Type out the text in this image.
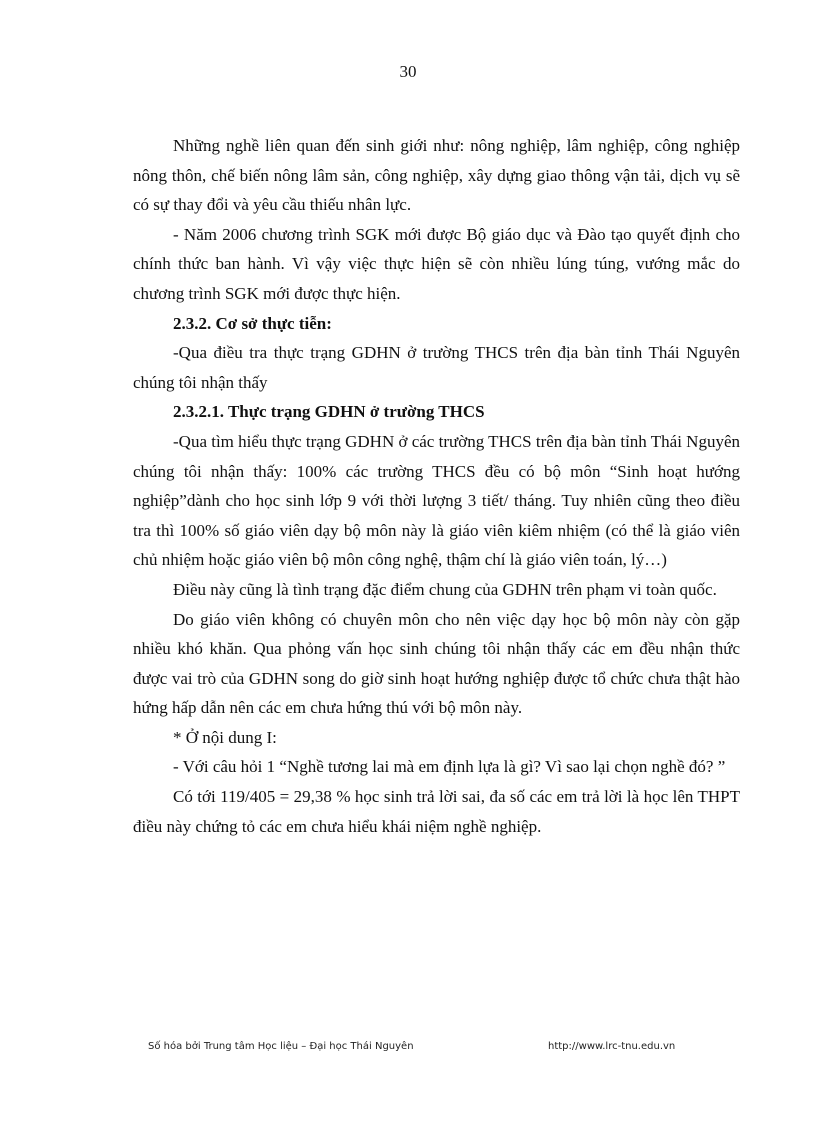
30

Những nghề liên quan đến sinh giới như: nông nghiệp, lâm nghiệp, công nghiệp nông thôn, chế biến nông lâm sản, công nghiệp, xây dựng giao thông vận tải, dịch vụ sẽ có sự thay đổi và yêu cầu thiếu nhân lực.

- Năm 2006 chương trình SGK mới được Bộ giáo dục và Đào tạo quyết định cho chính thức ban hành. Vì vậy việc thực hiện sẽ còn nhiều lúng túng, vướng mắc do chương trình SGK mới được thực hiện.

2.3.2. Cơ sở thực tiễn:

-Qua điều tra thực trạng GDHN ở trường THCS trên địa bàn tỉnh Thái Nguyên chúng tôi nhận thấy

2.3.2.1. Thực trạng GDHN ở trường THCS

-Qua tìm hiểu thực trạng GDHN ở các trường THCS trên địa bàn tỉnh Thái Nguyên chúng tôi nhận thấy: 100% các trường THCS đều có bộ môn “Sinh hoạt hướng nghiệp”dành cho học sinh lớp 9 với thời lượng 3 tiết/ tháng. Tuy nhiên cũng theo điều tra thì 100% số giáo viên dạy bộ môn này là giáo viên kiêm nhiệm (có thể là giáo viên chủ nhiệm hoặc giáo viên bộ môn công nghệ, thậm chí là giáo viên toán, lý…)

Điều này cũng là tình trạng đặc điểm chung của GDHN trên phạm vi toàn quốc.

Do giáo viên không có chuyên môn cho nên việc dạy học bộ môn này còn gặp nhiều khó khăn. Qua phỏng vấn học sinh chúng tôi nhận thấy các em đều nhận thức được vai trò của GDHN song do giờ sinh hoạt hướng nghiệp được tổ chức chưa thật hào hứng hấp dẫn nên các em chưa hứng thú với bộ môn này.

* Ở nội dung I:

- Với câu hỏi 1 “Nghề tương lai mà em định lựa là gì? Vì sao lại chọn nghề đó? ”

Có tới 119/405 = 29,38 % học sinh trả lời sai, đa số các em trả lời là học lên THPT điều này chứng tỏ các em chưa hiểu khái niệm nghề nghiệp.

Số hóa bởi Trung tâm Học liệu – Đại học Thái Nguyên	http://www.lrc-tnu.edu.vn
